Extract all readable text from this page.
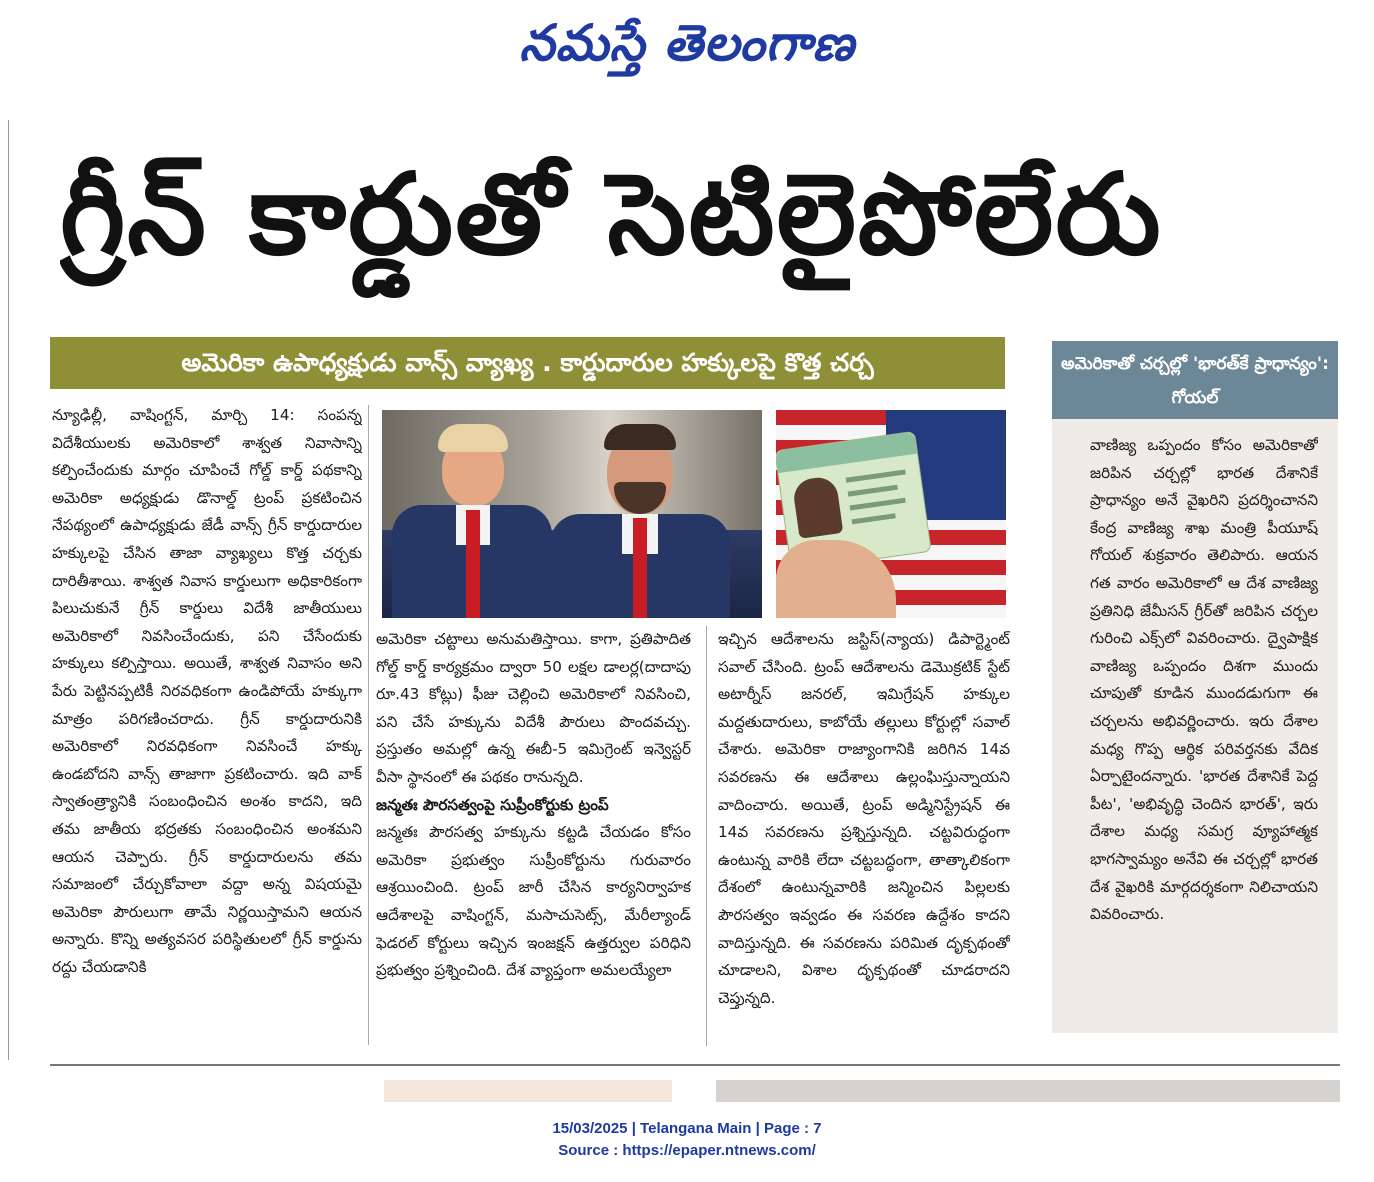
నమస్తే తెలంగాణ
గ్రీన్ కార్డుతో సెటిలైపోలేరు
అమెరికా ఉపాధ్యక్షుడు వాన్స్ వ్యాఖ్య . కార్డుదారుల హక్కులపై కొత్త చర్చ

న్యూఢిల్లీ, వాషింగ్టన్, మార్చి 14: సంపన్న విదేశీయులకు అమెరికాలో శాశ్వత నివాసాన్ని కల్పించేందుకు మార్గం చూపించే గోల్డ్ కార్డ్ పథకాన్ని అమెరికా అధ్యక్షుడు డొనాల్డ్ ట్రంప్ ప్రకటించిన నేపథ్యంలో ఉపాధ్యక్షుడు జేడీ వాన్స్ గ్రీన్ కార్డుదారుల హక్కులపై చేసిన తాజా వ్యాఖ్యలు కొత్త చర్చకు దారితీశాయి. శాశ్వత నివాస కార్డులుగా అధికారికంగా పిలుచుకునే గ్రీన్ కార్డులు విదేశీ జాతీయులు అమెరికాలో నివసించేందుకు, పని చేసేందుకు హక్కులు కల్పిస్తాయి. అయితే, శాశ్వత నివాసం అని పేరు పెట్టినప్పటికీ నిరవధికంగా ఉండిపోయే హక్కుగా మాత్రం పరిగణించరాదు. గ్రీన్ కార్డుదారునికి అమెరికాలో నిరవధికంగా నివసించే హక్కు ఉండబోదని వాన్స్ తాజాగా ప్రకటించారు. ఇది వాక్ స్వాతంత్ర్యానికి సంబంధించిన అంశం కాదని, ఇది తమ జాతీయ భద్రతకు సంబంధించిన అంశమని ఆయన చెప్పారు. గ్రీన్ కార్డుదారులను తమ సమాజంలో చేర్చుకోవాలా వద్దా అన్న విషయమై అమెరికా పౌరులుగా తామే నిర్ణయిస్తామని ఆయన అన్నారు. కొన్ని అత్యవసర పరిస్థితులలో గ్రీన్ కార్డును రద్దు చేయడానికి

అమెరికా చట్టాలు అనుమతిస్తాయి. కాగా, ప్రతిపాదిత గోల్డ్ కార్డ్ కార్యక్రమం ద్వారా 50 లక్షల డాలర్ల(దాదాపు రూ.43 కోట్లు) ఫీజు చెల్లించి అమెరికాలో నివసించి, పని చేసే హక్కును విదేశీ పౌరులు పొందవచ్చు. ప్రస్తుతం అమల్లో ఉన్న ఈబీ-5 ఇమిగ్రెంట్ ఇన్వెస్టర్ వీసా స్థానంలో ఈ పథకం రానున్నది.

జన్మతః పౌరసత్వంపై సుప్రీంకోర్టుకు ట్రంప్

జన్మతః పౌరసత్వ హక్కును కట్టడి చేయడం కోసం అమెరికా ప్రభుత్వం సుప్రీంకోర్టును గురువారం ఆశ్రయించింది. ట్రంప్ జారీ చేసిన కార్యనిర్వాహక ఆదేశాలపై వాషింగ్టన్, మసాచుసెట్స్, మేరీల్యాండ్ ఫెడరల్ కోర్టులు ఇచ్చిన ఇంజక్షన్ ఉత్తర్వుల పరిధిని ప్రభుత్వం ప్రశ్నించింది. దేశ వ్యాప్తంగా అమలయ్యేలా

ఇచ్చిన ఆదేశాలను జస్టిస్(న్యాయ) డిపార్ట్మెంట్ సవాల్ చేసింది. ట్రంప్ ఆదేశాలను డెమొక్రటిక్ స్టేట్ అటార్నీస్ జనరల్, ఇమిగ్రేషన్ హక్కుల మద్దతుదారులు, కాబోయే తల్లులు కోర్టుల్లో సవాల్ చేశారు. అమెరికా రాజ్యాంగానికి జరిగిన 14వ సవరణను ఈ ఆదేశాలు ఉల్లంఘిస్తున్నాయని వాదించారు. అయితే, ట్రంప్ అడ్మినిస్ట్రేషన్ ఈ 14వ సవరణను ప్రశ్నిస్తున్నది. చట్టవిరుద్ధంగా ఉంటున్న వారికి లేదా చట్టబద్ధంగా, తాత్కాలికంగా దేశంలో ఉంటున్నవారికి జన్మించిన పిల్లలకు పౌరసత్వం ఇవ్వడం ఈ సవరణ ఉద్దేశం కాదని వాదిస్తున్నది. ఈ సవరణను పరిమిత దృక్పథంతో చూడాలని, విశాల దృక్పథంతో చూడరాదని చెప్తున్నది.

అమెరికాతో చర్చల్లో 'భారత్‌కే ప్రాధాన్యం': గోయల్

వాణిజ్య ఒప్పందం కోసం అమెరికాతో జరిపిన చర్చల్లో భారత దేశానికే ప్రాధాన్యం అనే వైఖరిని ప్రదర్శించానని కేంద్ర వాణిజ్య శాఖ మంత్రి పీయూష్ గోయల్ శుక్రవారం తెలిపారు. ఆయన గత వారం అమెరికాలో ఆ దేశ వాణిజ్య ప్రతినిధి జేమీసన్ గ్రీర్‌తో జరిపిన చర్చల గురించి ఎక్స్‌లో వివరించారు. ద్వైపాక్షిక వాణిజ్య ఒప్పందం దిశగా ముందు చూపుతో కూడిన ముందడుగుగా ఈ చర్చలను అభివర్ణించారు. ఇరు దేశాల మధ్య గొప్ప ఆర్థిక పరివర్తనకు వేదిక ఏర్పాటైందన్నారు. 'భారత దేశానికే పెద్ద పీట', 'అభివృద్ధి చెందిన భారత్', ఇరు దేశాల మధ్య సమగ్ర వ్యూహాత్మక భాగస్వామ్యం అనేవి ఈ చర్చల్లో భారత దేశ వైఖరికి మార్గదర్శకంగా నిలిచాయని వివరించారు.

15/03/2025 | Telangana Main | Page : 7
Source : https://epaper.ntnews.com/
